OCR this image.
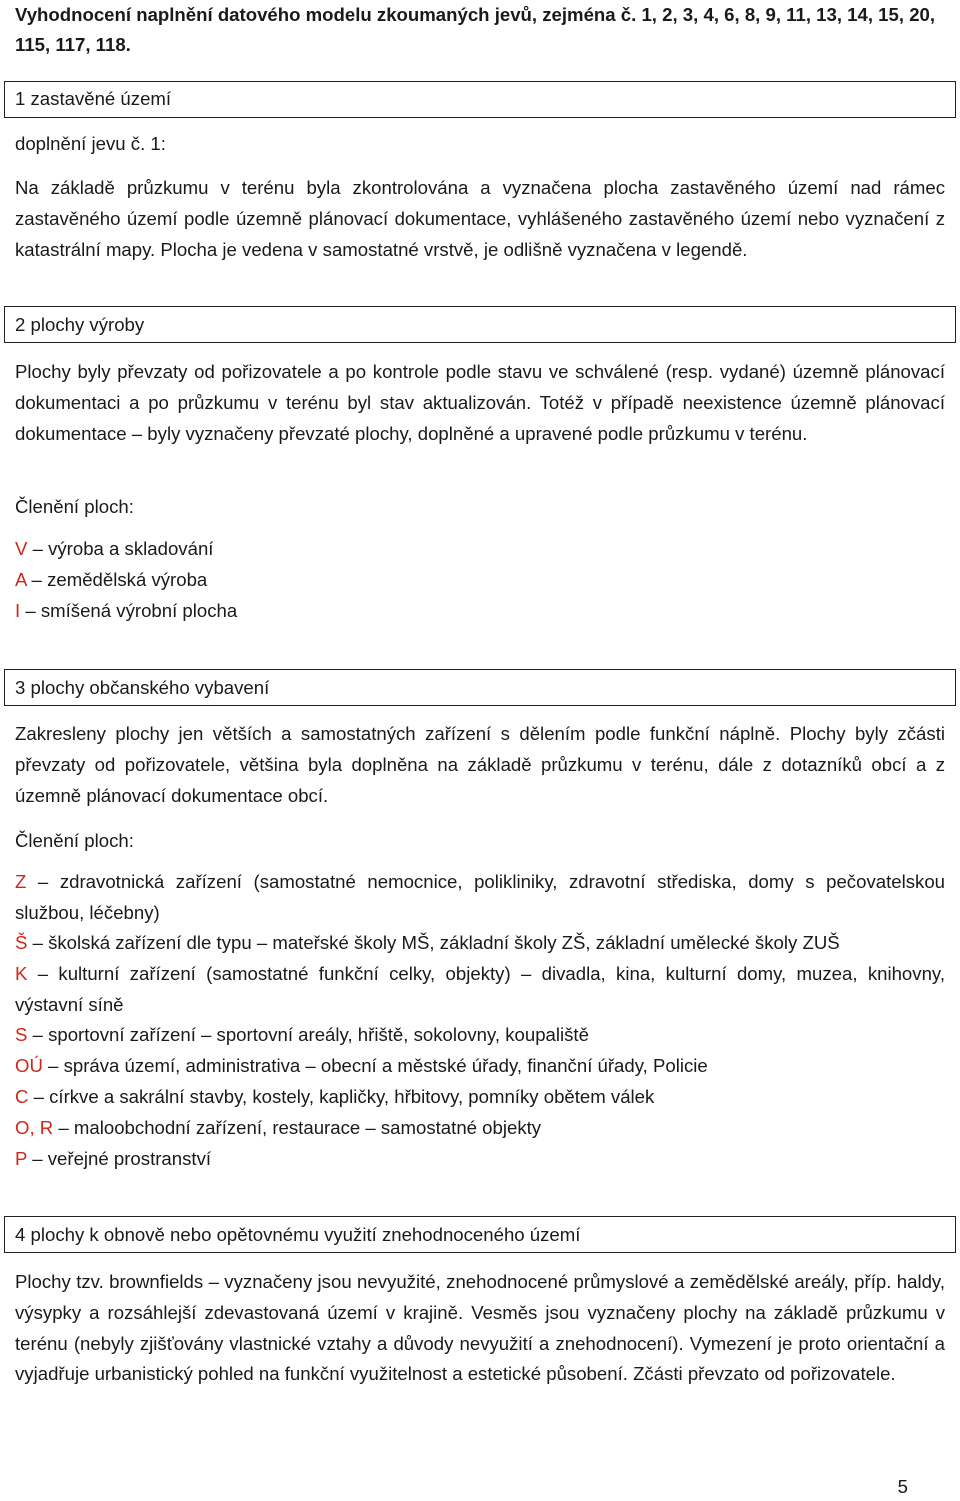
Vyhodnocení naplnění datového modelu zkoumaných jevů, zejména č. 1, 2, 3, 4, 6, 8, 9, 11, 13, 14, 15, 20, 115, 117, 118.
1 zastavěné území
doplnění jevu č. 1:

Na základě průzkumu v terénu byla zkontrolována a vyznačena plocha zastavěného území nad rámec zastavěného území podle územně plánovací dokumentace, vyhlášeného zastavěného území nebo vyznačení z katastrální mapy. Plocha je vedena v samostatné vrstvě, je odlišně vyznačena v legendě.

2 plochy výroby

Plochy byly převzaty od pořizovatele a po kontrole podle stavu ve schválené (resp. vydané) územně plánovací dokumentaci a po průzkumu v terénu byl stav aktualizován. Totéž v případě neexistence územně plánovací dokumentace – byly vyznačeny převzaté plochy, doplněné a upravené podle průzkumu v terénu.

Členění ploch:
V – výroba a skladování
A – zemědělská výroba
I – smíšená výrobní plocha
3 plochy občanského vybavení

Zakresleny plochy jen větších a samostatných zařízení s dělením podle funkční náplně. Plochy byly zčásti převzaty od pořizovatele, většina byla doplněna na základě průzkumu v terénu, dále z dotazníků obcí a z územně plánovací dokumentace obcí.

Členění ploch:
Z – zdravotnická zařízení (samostatné nemocnice, polikliniky, zdravotní střediska, domy s pečovatelskou službou, léčebny)
Š – školská zařízení dle typu – mateřské školy MŠ, základní školy ZŠ, základní umělecké školy ZUŠ
K – kulturní zařízení (samostatné funkční celky, objekty) – divadla, kina, kulturní domy, muzea, knihovny, výstavní síně
S – sportovní zařízení – sportovní areály, hřiště, sokolovny, koupaliště
OÚ – správa území, administrativa – obecní a městské úřady, finanční úřady, Policie
C – církve a sakrální stavby, kostely, kapličky, hřbitovy, pomníky obětem válek
O, R – maloobchodní zařízení, restaurace – samostatné objekty
P – veřejné prostranství
4 plochy k obnově nebo opětovnému využití znehodnoceného území

Plochy tzv. brownfields – vyznačeny jsou nevyužité, znehodnocené průmyslové a zemědělské areály, příp. haldy, výsypky a rozsáhlejší zdevastovaná území v krajině. Vesměs jsou vyznačeny plochy na základě průzkumu v terénu (nebyly zjišťovány vlastnické vztahy a důvody nevyužití a znehodnocení). Vymezení je proto orientační a vyjadřuje urbanistický pohled na funkční využitelnost a estetické působení. Zčásti převzato od pořizovatele.

5
